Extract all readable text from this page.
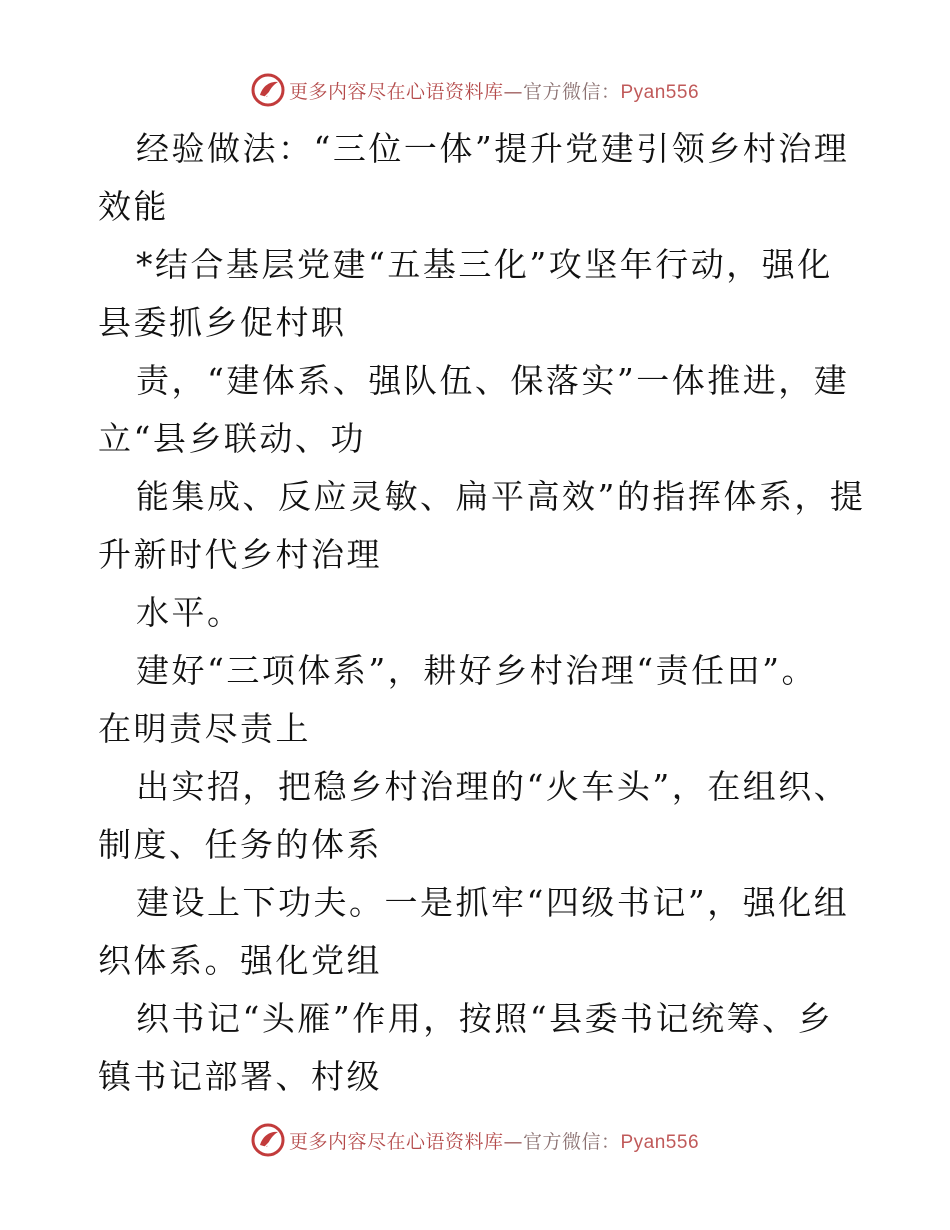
更多内容尽在心语资料库—官方微信：Pyan556
经验做法：“三位一体”提升党建引领乡村治理
效能
*结合基层党建“五基三化”攻坚年行动，强化
县委抓乡促村职
责，“建体系、强队伍、保落实”一体推进，建
立“县乡联动、功
能集成、反应灵敏、扁平高效”的指挥体系，提
升新时代乡村治理
水平。
建好“三项体系”，耕好乡村治理“责任田”。
在明责尽责上
出实招，把稳乡村治理的“火车头”，在组织、
制度、任务的体系
建设上下功夫。一是抓牢“四级书记”，强化组
织体系。强化党组
织书记“头雁”作用，按照“县委书记统筹、乡
镇书记部署、村级
更多内容尽在心语资料库—官方微信：Pyan556
